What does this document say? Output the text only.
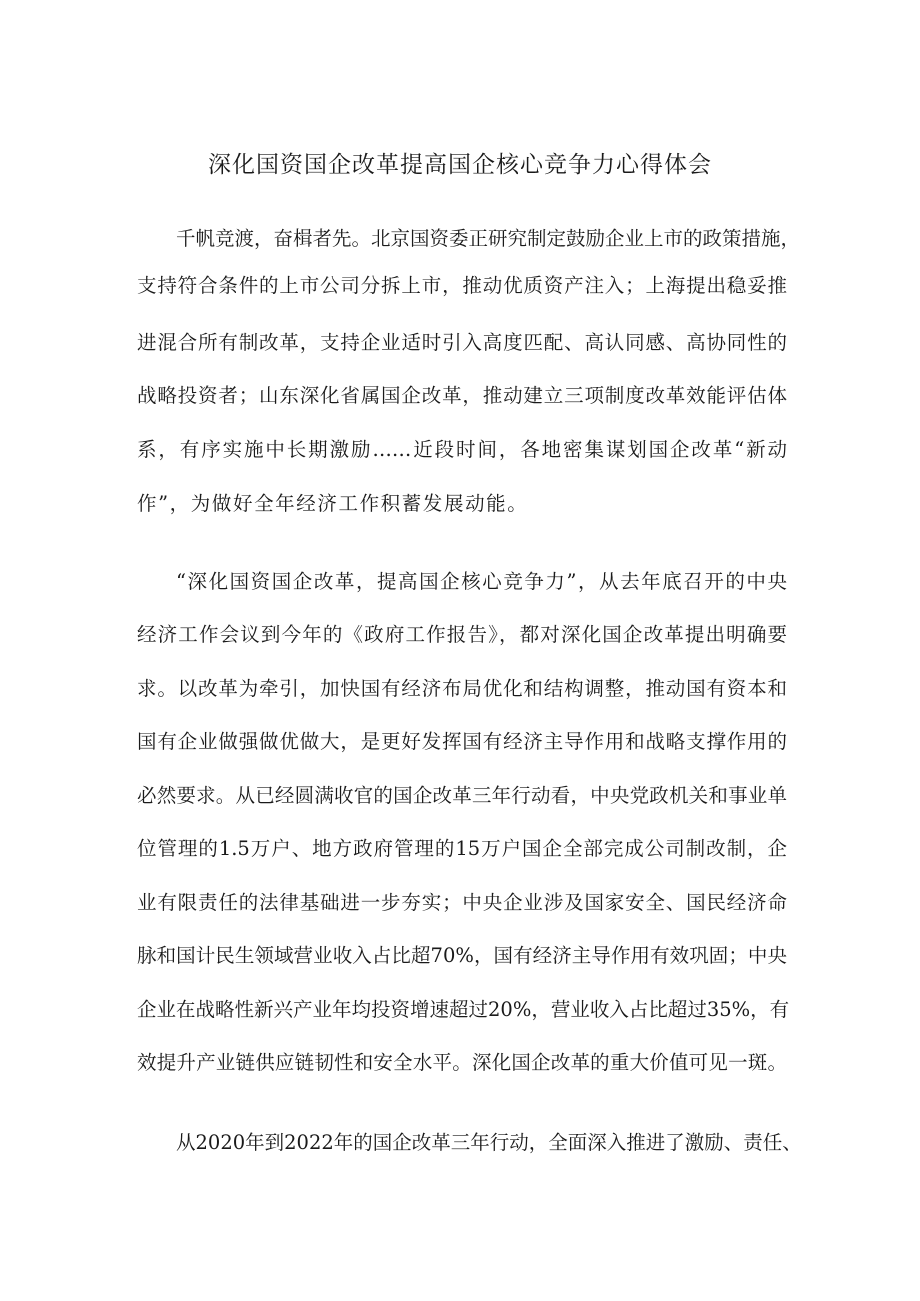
深化国资国企改革提高国企核心竞争力心得体会

千帆竞渡，奋楫者先。北京国资委正研究制定鼓励企业上市的政策措施，

支持符合条件的上市公司分拆上市，推动优质资产注入；上海提出稳妥推

进混合所有制改革，支持企业适时引入高度匹配、高认同感、高协同性的

战略投资者；山东深化省属国企改革，推动建立三项制度改革效能评估体

系，有序实施中长期激励……近段时间，各地密集谋划国企改革“新动

作”，为做好全年经济工作积蓄发展动能。

“深化国资国企改革，提高国企核心竞争力”，从去年底召开的中央

经济工作会议到今年的《政府工作报告》，都对深化国企改革提出明确要

求。以改革为牵引，加快国有经济布局优化和结构调整，推动国有资本和

国有企业做强做优做大，是更好发挥国有经济主导作用和战略支撑作用的

必然要求。从已经圆满收官的国企改革三年行动看，中央党政机关和事业单

位管理的1.5万户、地方政府管理的15万户国企全部完成公司制改制，企

业有限责任的法律基础进一步夯实；中央企业涉及国家安全、国民经济命

脉和国计民生领域营业收入占比超70%，国有经济主导作用有效巩固；中央

企业在战略性新兴产业年均投资增速超过20%，营业收入占比超过35%，有

效提升产业链供应链韧性和安全水平。深化国企改革的重大价值可见一斑。

从2020年到2022年的国企改革三年行动，全面深入推进了激励、责任、
